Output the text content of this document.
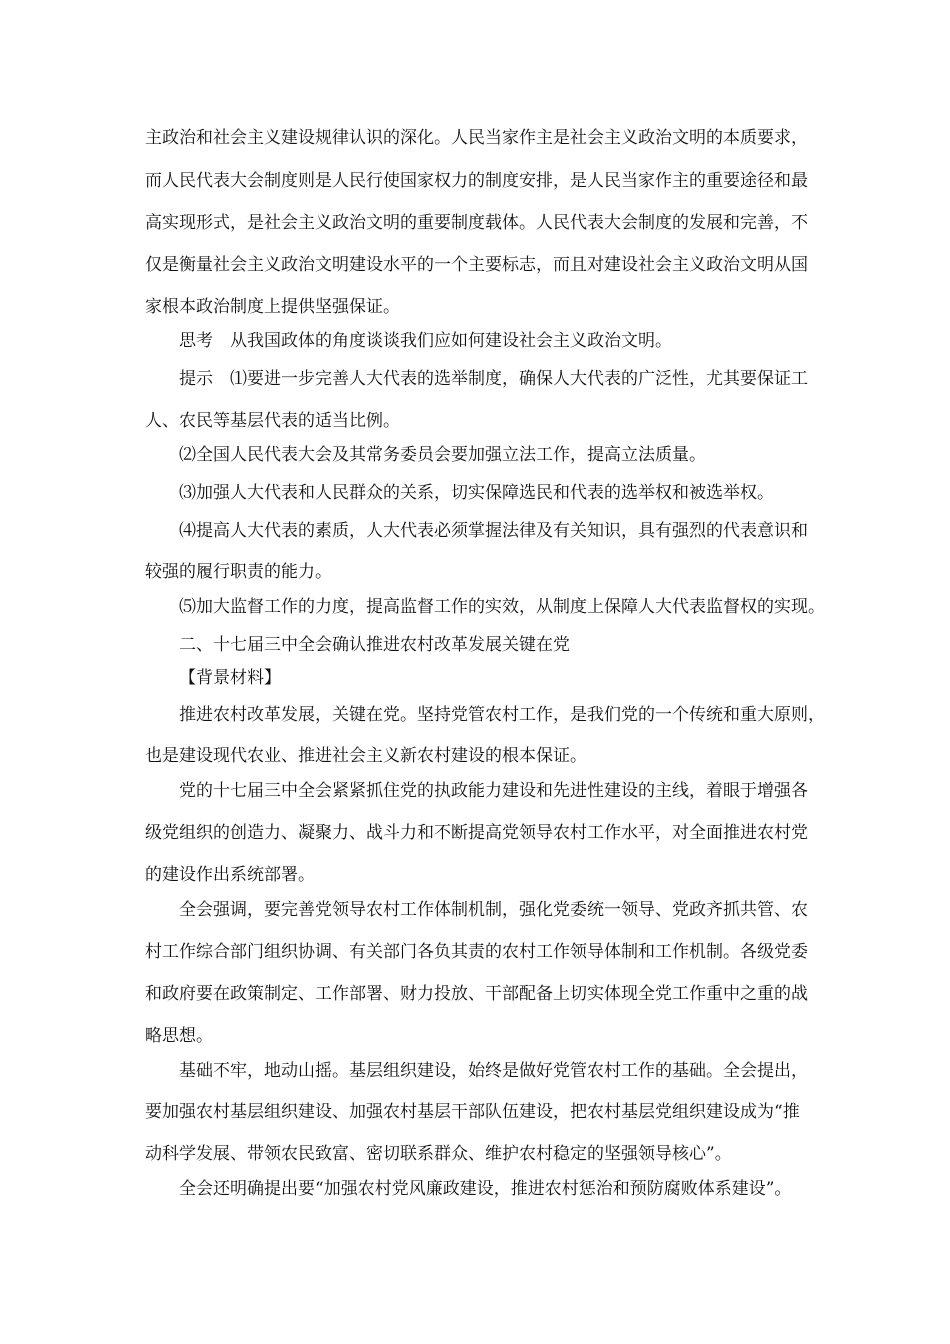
主政治和社会主义建设规律认识的深化。人民当家作主是社会主义政治文明的本质要求，
而人民代表大会制度则是人民行使国家权力的制度安排，是人民当家作主的重要途径和最
高实现形式，是社会主义政治文明的重要制度载体。人民代表大会制度的发展和完善，不
仅是衡量社会主义政治文明建设水平的一个主要标志，而且对建设社会主义政治文明从国
家根本政治制度上提供坚强保证。
思考　从我国政体的角度谈谈我们应如何建设社会主义政治文明。
提示　⑴要进一步完善人大代表的选举制度，确保人大代表的广泛性，尤其要保证工
人、农民等基层代表的适当比例。
⑵全国人民代表大会及其常务委员会要加强立法工作，提高立法质量。
⑶加强人大代表和人民群众的关系，切实保障选民和代表的选举权和被选举权。
⑷提高人大代表的素质，人大代表必须掌握法律及有关知识，具有强烈的代表意识和
较强的履行职责的能力。
⑸加大监督工作的力度，提高监督工作的实效，从制度上保障人大代表监督权的实现。
二、十七届三中全会确认推进农村改革发展关键在党
【背景材料】
推进农村改革发展，关键在党。坚持党管农村工作，是我们党的一个传统和重大原则，
也是建设现代农业、推进社会主义新农村建设的根本保证。
党的十七届三中全会紧紧抓住党的执政能力建设和先进性建设的主线，着眼于增强各
级党组织的创造力、凝聚力、战斗力和不断提高党领导农村工作水平，对全面推进农村党
的建设作出系统部署。
全会强调，要完善党领导农村工作体制机制，强化党委统一领导、党政齐抓共管、农
村工作综合部门组织协调、有关部门各负其责的农村工作领导体制和工作机制。各级党委
和政府要在政策制定、工作部署、财力投放、干部配备上切实体现全党工作重中之重的战
略思想。
基础不牢，地动山摇。基层组织建设，始终是做好党管农村工作的基础。全会提出，
要加强农村基层组织建设、加强农村基层干部队伍建设，把农村基层党组织建设成为“推
动科学发展、带领农民致富、密切联系群众、维护农村稳定的坚强领导核心”。
全会还明确提出要“加强农村党风廉政建设，推进农村惩治和预防腐败体系建设”。
